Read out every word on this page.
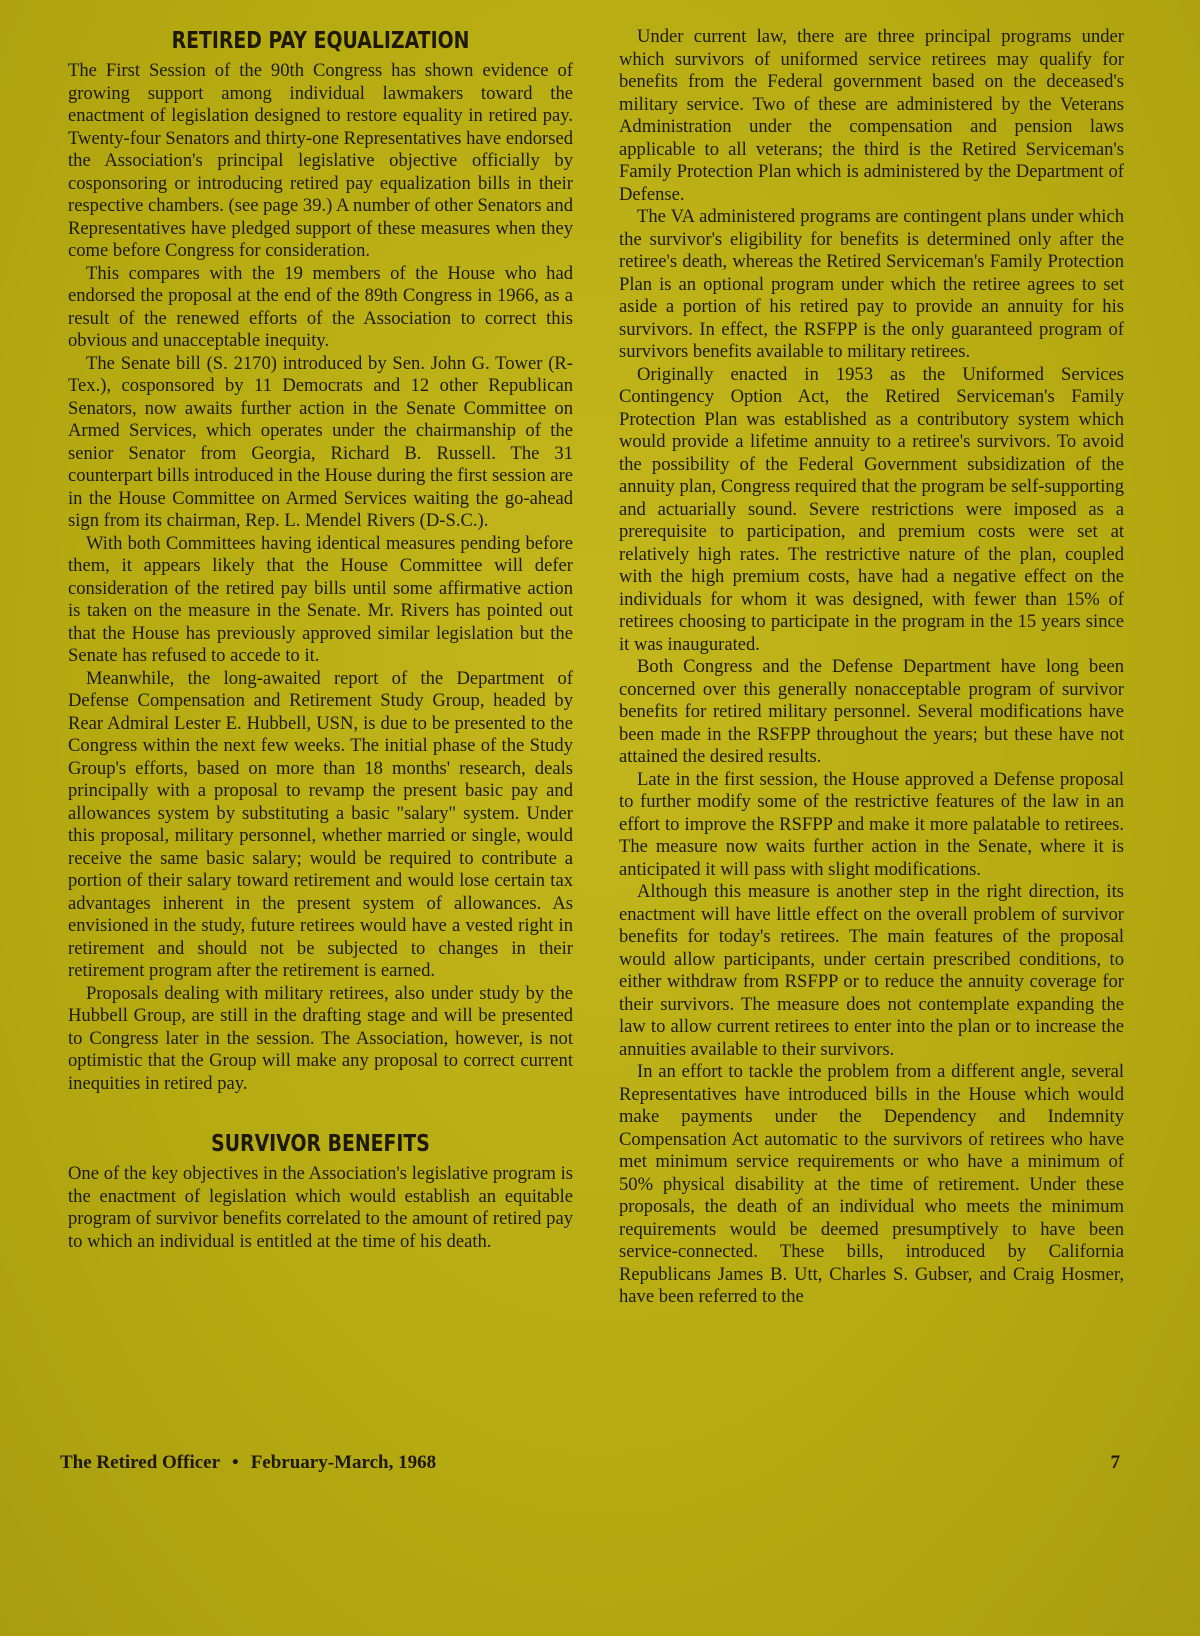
RETIRED PAY EQUALIZATION

The First Session of the 90th Congress has shown evidence of growing support among individual lawmakers toward the enactment of legislation designed to restore equality in retired pay. Twenty-four Senators and thirty-one Representatives have endorsed the Association's principal legislative objective officially by cosponsoring or introducing retired pay equalization bills in their respective chambers. (see page 39.) A number of other Senators and Representatives have pledged support of these measures when they come before Congress for consideration.

This compares with the 19 members of the House who had endorsed the proposal at the end of the 89th Congress in 1966, as a result of the renewed efforts of the Association to correct this obvious and unacceptable inequity.

The Senate bill (S. 2170) introduced by Sen. John G. Tower (R-Tex.), cosponsored by 11 Democrats and 12 other Republican Senators, now awaits further action in the Senate Committee on Armed Services, which operates under the chairmanship of the senior Senator from Georgia, Richard B. Russell. The 31 counterpart bills introduced in the House during the first session are in the House Committee on Armed Services waiting the go-ahead sign from its chairman, Rep. L. Mendel Rivers (D-S.C.).

With both Committees having identical measures pending before them, it appears likely that the House Committee will defer consideration of the retired pay bills until some affirmative action is taken on the measure in the Senate. Mr. Rivers has pointed out that the House has previously approved similar legislation but the Senate has refused to accede to it.

Meanwhile, the long-awaited report of the Department of Defense Compensation and Retirement Study Group, headed by Rear Admiral Lester E. Hubbell, USN, is due to be presented to the Congress within the next few weeks. The initial phase of the Study Group's efforts, based on more than 18 months' research, deals principally with a proposal to revamp the present basic pay and allowances system by substituting a basic "salary" system. Under this proposal, military personnel, whether married or single, would receive the same basic salary; would be required to contribute a portion of their salary toward retirement and would lose certain tax advantages inherent in the present system of allowances. As envisioned in the study, future retirees would have a vested right in retirement and should not be subjected to changes in their retirement program after the retirement is earned.

Proposals dealing with military retirees, also under study by the Hubbell Group, are still in the drafting stage and will be presented to Congress later in the session. The Association, however, is not optimistic that the Group will make any proposal to correct current inequities in retired pay.

SURVIVOR BENEFITS

One of the key objectives in the Association's legislative program is the enactment of legislation which would establish an equitable program of survivor benefits correlated to the amount of retired pay to which an individual is entitled at the time of his death.

Under current law, there are three principal programs under which survivors of uniformed service retirees may qualify for benefits from the Federal government based on the deceased's military service. Two of these are administered by the Veterans Administration under the compensation and pension laws applicable to all veterans; the third is the Retired Serviceman's Family Protection Plan which is administered by the Department of Defense.

The VA administered programs are contingent plans under which the survivor's eligibility for benefits is determined only after the retiree's death, whereas the Retired Serviceman's Family Protection Plan is an optional program under which the retiree agrees to set aside a portion of his retired pay to provide an annuity for his survivors. In effect, the RSFPP is the only guaranteed program of survivors benefits available to military retirees.

Originally enacted in 1953 as the Uniformed Services Contingency Option Act, the Retired Serviceman's Family Protection Plan was established as a contributory system which would provide a lifetime annuity to a retiree's survivors. To avoid the possibility of the Federal Government subsidization of the annuity plan, Congress required that the program be self-supporting and actuarially sound. Severe restrictions were imposed as a prerequisite to participation, and premium costs were set at relatively high rates. The restrictive nature of the plan, coupled with the high premium costs, have had a negative effect on the individuals for whom it was designed, with fewer than 15% of retirees choosing to participate in the program in the 15 years since it was inaugurated.

Both Congress and the Defense Department have long been concerned over this generally nonacceptable program of survivor benefits for retired military personnel. Several modifications have been made in the RSFPP throughout the years; but these have not attained the desired results.

Late in the first session, the House approved a Defense proposal to further modify some of the restrictive features of the law in an effort to improve the RSFPP and make it more palatable to retirees. The measure now waits further action in the Senate, where it is anticipated it will pass with slight modifications.

Although this measure is another step in the right direction, its enactment will have little effect on the overall problem of survivor benefits for today's retirees. The main features of the proposal would allow participants, under certain prescribed conditions, to either withdraw from RSFPP or to reduce the annuity coverage for their survivors. The measure does not contemplate expanding the law to allow current retirees to enter into the plan or to increase the annuities available to their survivors.

In an effort to tackle the problem from a different angle, several Representatives have introduced bills in the House which would make payments under the Dependency and Indemnity Compensation Act automatic to the survivors of retirees who have met minimum service requirements or who have a minimum of 50% physical disability at the time of retirement. Under these proposals, the death of an individual who meets the minimum requirements would be deemed presumptively to have been service-connected. These bills, introduced by California Republicans James B. Utt, Charles S. Gubser, and Craig Hosmer, have been referred to the

The Retired Officer • February-March, 1968	7
